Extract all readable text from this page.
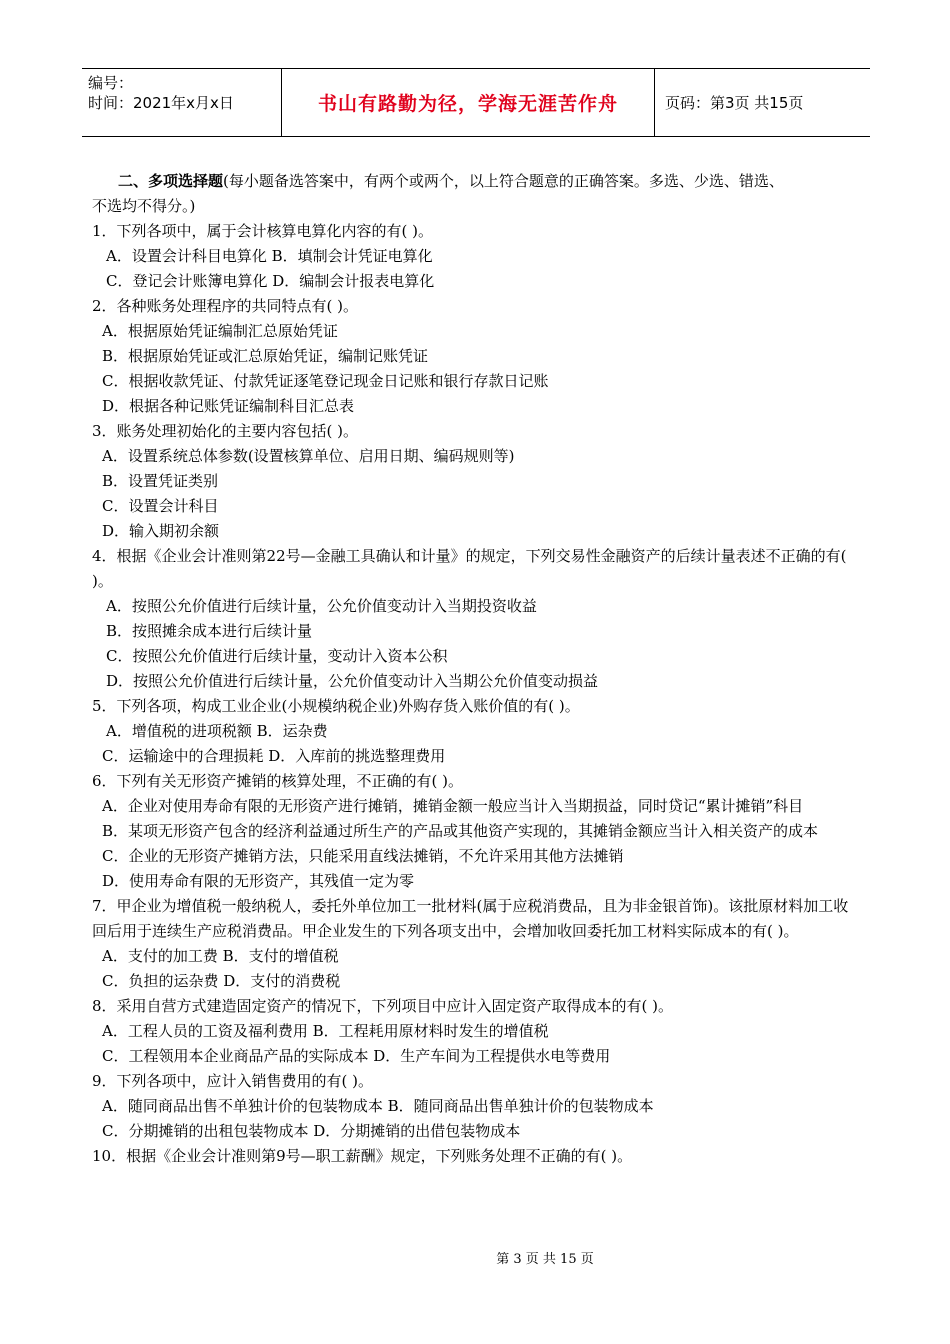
编号：
时间：2021年x月x日	书山有路勤为径，学海无涯苦作舟	页码：第3页 共15页
二、多项选择题(每小题备选答案中，有两个或两个，以上符合题意的正确答案。多选、少选、错选、
不选均不得分。)
1．下列各项中，属于会计核算电算化内容的有( )。
A．设置会计科目电算化 B．填制会计凭证电算化
C．登记会计账簿电算化 D．编制会计报表电算化
2．各种账务处理程序的共同特点有( )。
A．根据原始凭证编制汇总原始凭证
B．根据原始凭证或汇总原始凭证，编制记账凭证
C．根据收款凭证、付款凭证逐笔登记现金日记账和银行存款日记账
D．根据各种记账凭证编制科目汇总表
3．账务处理初始化的主要内容包括( )。
A．设置系统总体参数(设置核算单位、启用日期、编码规则等)
B．设置凭证类别
C．设置会计科目
D．输入期初余额
4．根据《企业会计准则第22号—金融工具确认和计量》的规定，下列交易性金融资产的后续计量表述不正确的有( )。
A．按照公允价值进行后续计量，公允价值变动计入当期投资收益
B．按照摊余成本进行后续计量
C．按照公允价值进行后续计量，变动计入资本公积
D．按照公允价值进行后续计量，公允价值变动计入当期公允价值变动损益
5．下列各项，构成工业企业(小规模纳税企业)外购存货入账价值的有( )。
A．增值税的进项税额 B．运杂费
C．运输途中的合理损耗 D．入库前的挑选整理费用
6．下列有关无形资产摊销的核算处理，不正确的有( )。
A．企业对使用寿命有限的无形资产进行摊销，摊销金额一般应当计入当期损益，同时贷记“累计摊销”科目
B．某项无形资产包含的经济利益通过所生产的产品或其他资产实现的，其摊销金额应当计入相关资产的成本
C．企业的无形资产摊销方法，只能采用直线法摊销，不允许采用其他方法摊销
D．使用寿命有限的无形资产，其残值一定为零
7．甲企业为增值税一般纳税人，委托外单位加工一批材料(属于应税消费品，且为非金银首饰)。该批原材料加工收回后用于连续生产应税消费品。甲企业发生的下列各项支出中，会增加收回委托加工材料实际成本的有( )。
A．支付的加工费 B．支付的增值税
C．负担的运杂费 D．支付的消费税
8．采用自营方式建造固定资产的情况下，下列项目中应计入固定资产取得成本的有( )。
A．工程人员的工资及福利费用 B．工程耗用原材料时发生的增值税
C．工程领用本企业商品产品的实际成本 D．生产车间为工程提供水电等费用
9．下列各项中，应计入销售费用的有( )。
A．随同商品出售不单独计价的包装物成本 B．随同商品出售单独计价的包装物成本
C．分期摊销的出租包装物成本 D．分期摊销的出借包装物成本
10．根据《企业会计准则第9号—职工薪酬》规定，下列账务处理不正确的有( )。
第 3 页 共 15 页
